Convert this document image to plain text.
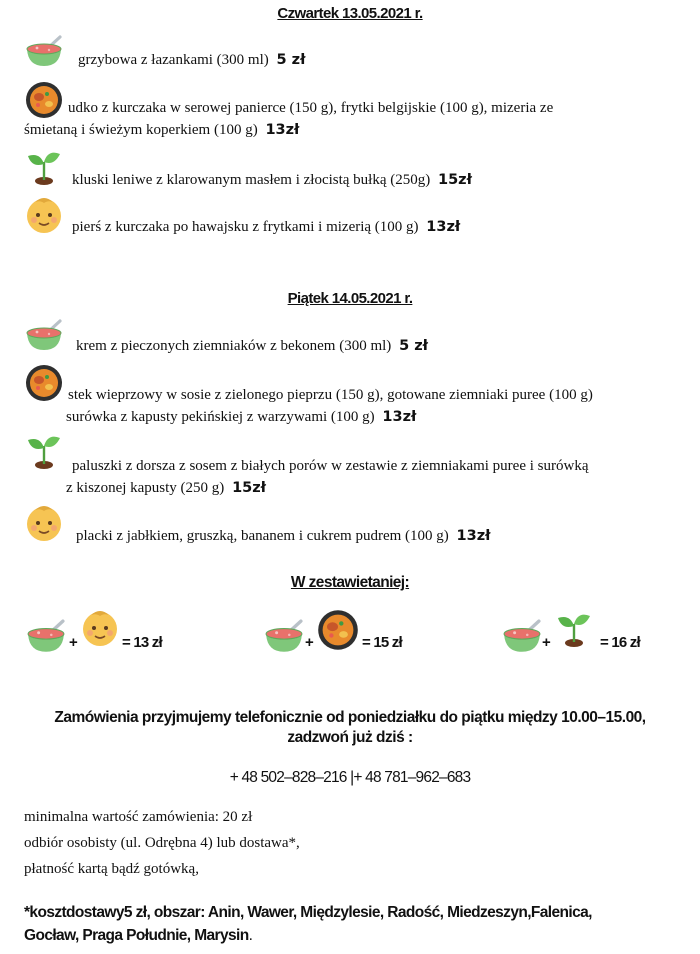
Czwartek 13.05.2021 r.
grzybowa z łazankami (300 ml) 5 zł
udko z kurczaka w serowej panierce (150 g), frytki belgijskie (100 g), mizeria ze
śmietaną i świeżym koperkiem (100 g) 13zł
kluski leniwe z klarowanym masłem i złocistą bułką (250g) 15zł
pierś z kurczaka po hawajsku z frytkami i mizerią (100 g) 13zł
Piątek 14.05.2021 r.
krem z pieczonych ziemniaków z bekonem (300 ml) 5 zł
stek wieprzowy w sosie z zielonego pieprzu (150 g), gotowane ziemniaki puree (100 g)
surówka z kapusty pekińskiej z warzywami (100 g) 13zł
paluszki z dorsza z sosem z białych porów w zestawie z ziemniakami puree i surówką
z kiszonej kapusty (250 g) 15zł
placki z jabłkiem, gruszką, bananem i cukrem pudrem (100 g) 13zł
W zestawietaniej:
+	= 13 zł	+	= 15 zł	+	= 16 zł
Zamówienia przyjmujemy telefonicznie od poniedziałku do piątku między 10.00–15.00,
zadzwoń już dziś :
+ 48 502–828–216 |+ 48 781–962–683
minimalna wartość zamówienia: 20 zł
odbiór osobisty (ul. Odrębna 4) lub dostawa*,
płatność kartą bądź gotówką,
*kosztdostawy5 zł, obszar: Anin, Wawer, Międzylesie, Radość, Miedzeszyn,Falenica,
Gocław, Praga Południe, Marysin.
